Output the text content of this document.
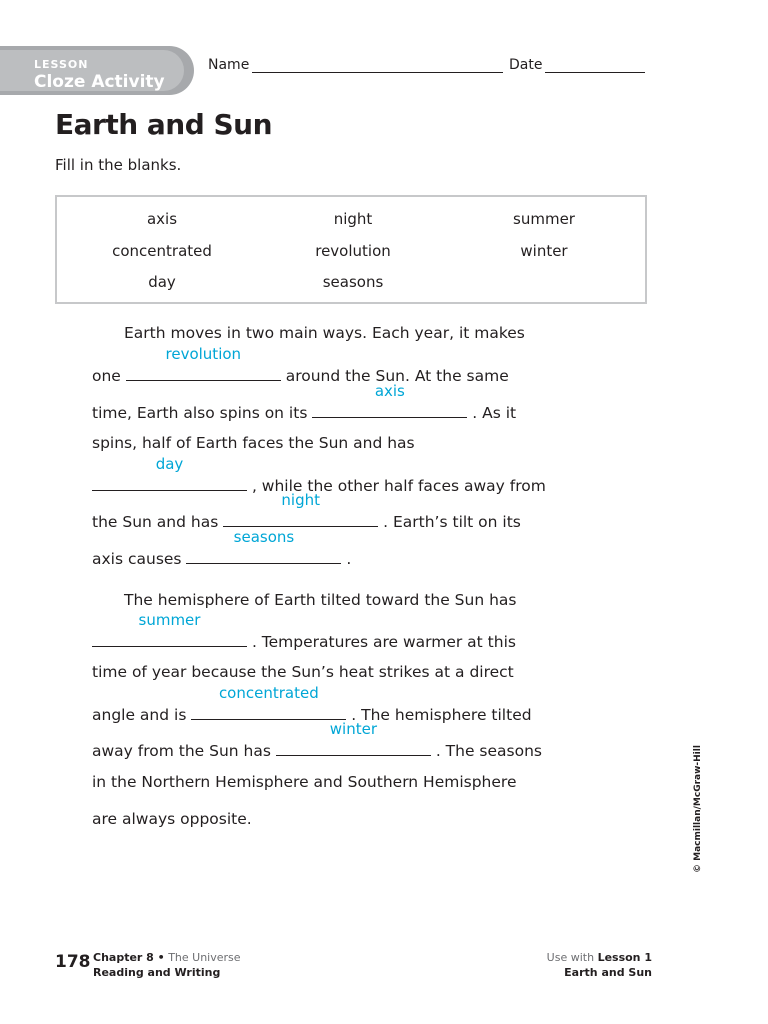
LESSON
Cloze Activity
Name	Date
Earth and Sun
Fill in the blanks.
axis	night	summer
concentrated	revolution	winter
day	seasons
Earth moves in two main ways. Each year, it makes
one
revolution
around the Sun. At the same
time, Earth also spins on its
axis
. As it
spins, half of Earth faces the Sun and has
day
, while the other half faces away from
the Sun and has
night
. Earth’s tilt on its
axis causes
seasons
.
The hemisphere of Earth tilted toward the Sun has
summer
. Temperatures are warmer at this
time of year because the Sun’s heat strikes at a direct
angle and is
concentrated
. The hemisphere tilted
away from the Sun has
winter
. The seasons
in the Northern Hemisphere and Southern Hemisphere
are always opposite.	© Macmillan/McGraw-Hill
178 Chapter 8 • The Universe
Reading and Writing
Use with Lesson 1
Earth and Sun
